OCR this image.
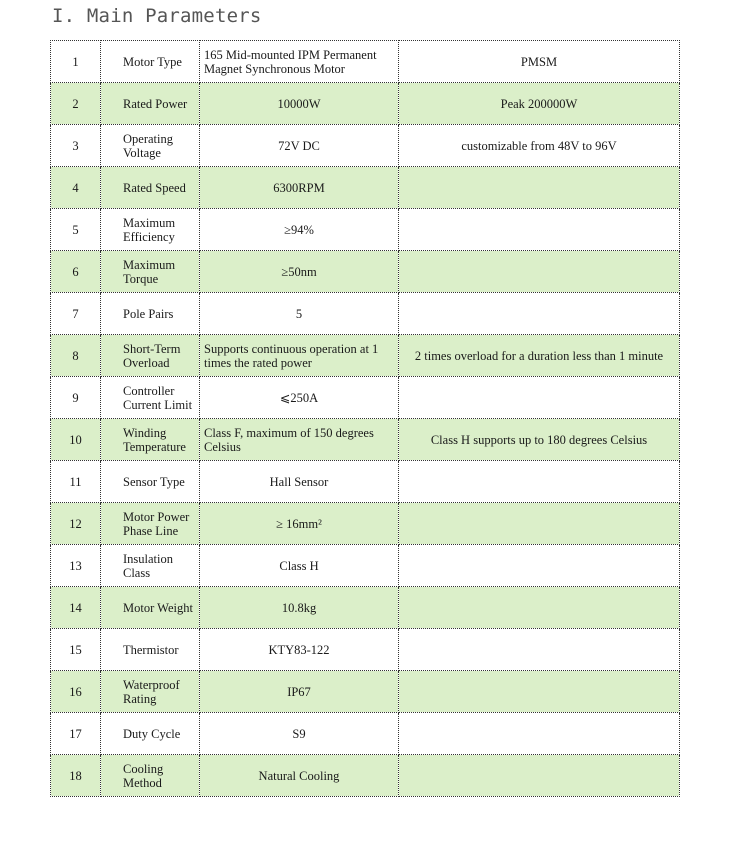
I. Main Parameters
1	Motor Type	165 Mid-mounted IPM Permanent Magnet Synchronous Motor	PMSM
2	Rated Power	10000W	Peak 200000W
3	Operating Voltage	72V DC	customizable from 48V to 96V
4	Rated Speed	6300RPM	
5	Maximum Efficiency	≥94%	
6	Maximum Torque	≥50nm	
7	Pole Pairs	5	
8	Short-Term Overload	Supports continuous operation at 1 times the rated power	2 times overload for a duration less than 1 minute
9	Controller Current Limit	⩽250A	
10	Winding Temperature	Class F, maximum of 150 degrees Celsius	Class H supports up to 180 degrees Celsius
11	Sensor Type	Hall Sensor	
12	Motor Power Phase Line	≥ 16mm²	
13	Insulation Class	Class H	
14	Motor Weight	10.8kg	
15	Thermistor	KTY83-122	
16	Waterproof Rating	IP67	
17	Duty Cycle	S9	
18	Cooling Method	Natural Cooling	
